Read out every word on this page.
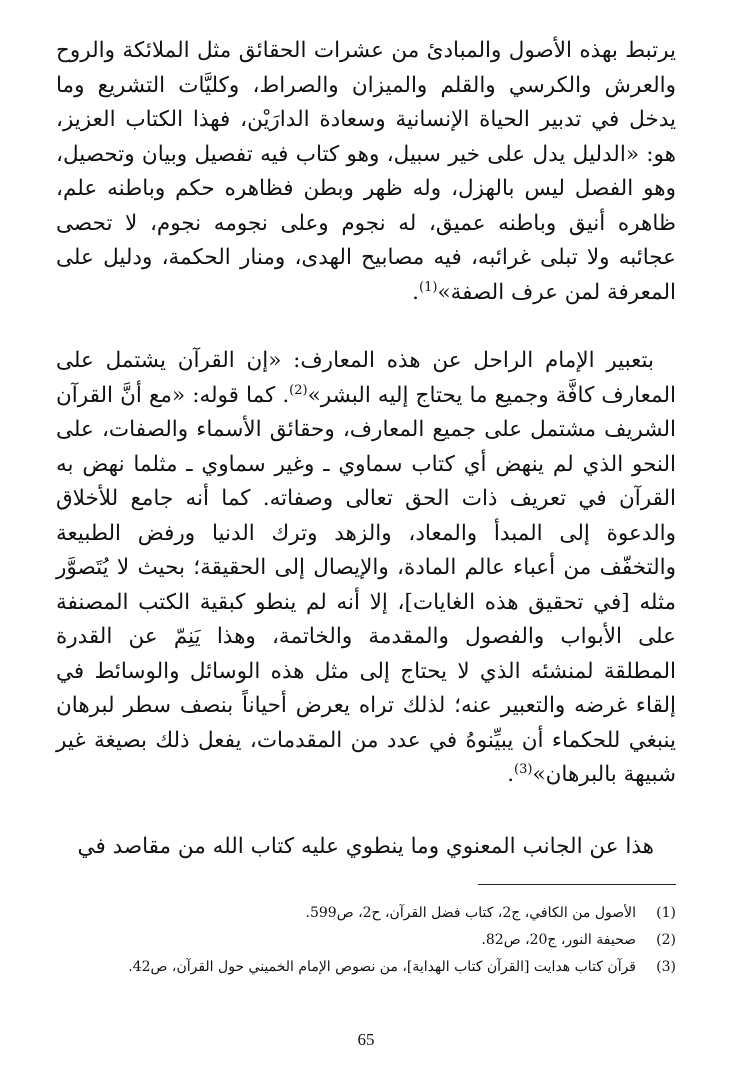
يرتبط بهذه الأصول والمبادئ من عشرات الحقائق مثل الملائكة والروح والعرش والكرسي والقلم والميزان والصراط، وكليَّات التشريع وما يدخل في تدبير الحياة الإنسانية وسعادة الدارَيْن، فهذا الكتاب العزيز، هو: «الدليل يدل على خير سبيل، وهو كتاب فيه تفصيل وبيان وتحصيل، وهو الفصل ليس بالهزل، وله ظهر وبطن فظاهره حكم وباطنه علم، ظاهره أنيق وباطنه عميق، له نجوم وعلى نجومه نجوم، لا تحصى عجائبه ولا تبلى غرائبه، فيه مصابيح الهدى، ومنار الحكمة، ودليل على المعرفة لمن عرف الصفة»$^{(1)}$.

بتعبير الإمام الراحل عن هذه المعارف: «إن القرآن يشتمل على المعارف كافَّة وجميع ما يحتاج إليه البشر»$^{(2)}$. كما قوله: «مع أنَّ القرآن الشريف مشتمل على جميع المعارف، وحقائق الأسماء والصفات، على النحو الذي لم ينهض أي كتاب سماوي ـ وغير سماوي ـ مثلما نهض به القرآن في تعريف ذات الحق تعالى وصفاته. كما أنه جامع للأخلاق والدعوة إلى المبدأ والمعاد، والزهد وترك الدنيا ورفض الطبيعة والتخفّف من أعباء عالم المادة، والإيصال إلى الحقيقة؛ بحيث لا يُتَصوَّر مثله [في تحقيق هذه الغايات]، إلا أنه لم ينطو كبقية الكتب المصنفة على الأبواب والفصول والمقدمة والخاتمة، وهذا يَنِمّ عن القدرة المطلقة لمنشئه الذي لا يحتاج إلى مثل هذه الوسائل والوسائط في إلقاء غرضه والتعبير عنه؛ لذلك تراه يعرض أحياناً بنصف سطر لبرهان ينبغي للحكماء أن يبيِّنوهُ في عدد من المقدمات، يفعل ذلك بصيغة غير شبيهة بالبرهان»$^{(3)}$.

هذا عن الجانب المعنوي وما ينطوي عليه كتاب الله من مقاصد في

(1)
الأصول من الكافي، ج2، كتاب فضل القرآن، ح2، ص599.
(2)
صحيفة النور، ج20، ص82.
(3)
قرآن كتاب هدايت [القرآن كتاب الهداية]، من نصوص الإمام الخميني حول القرآن، ص42.
65
